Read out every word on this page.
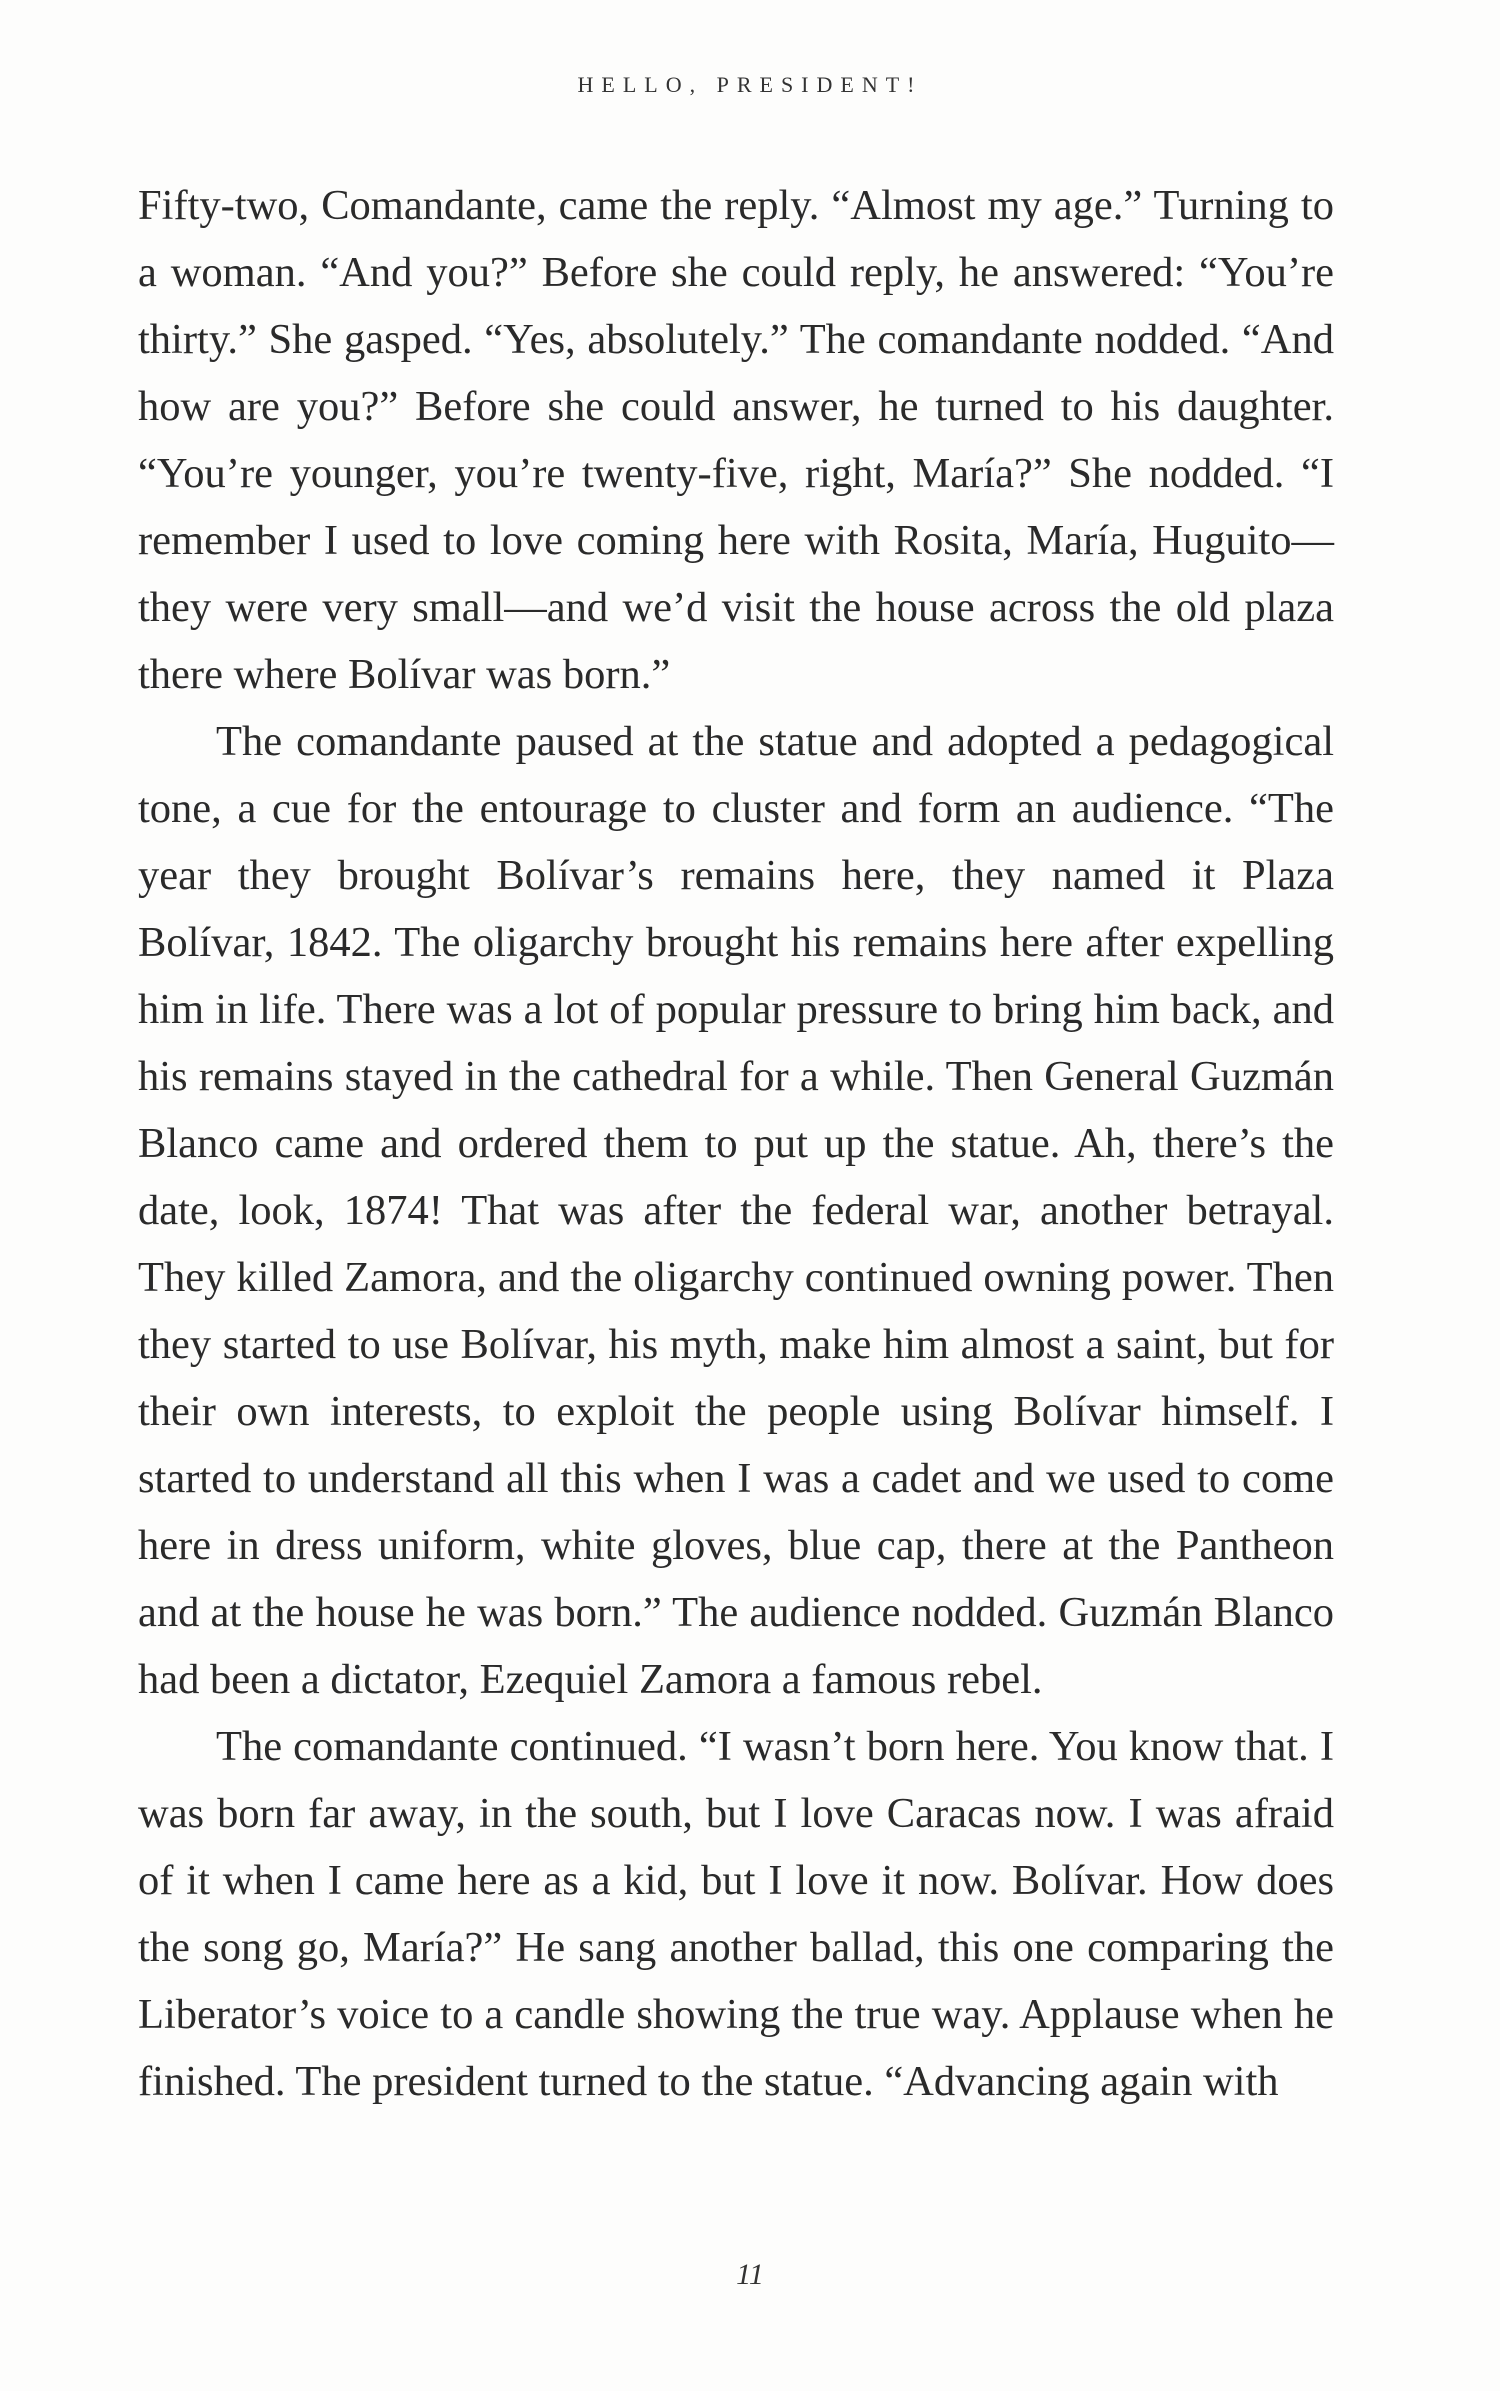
HELLO, PRESIDENT!

Fifty-two, Comandante, came the reply. “Almost my age.” Turning to a woman. “And you?” Before she could reply, he answered: “You’re thirty.” She gasped. “Yes, absolutely.” The comandante nodded. “And how are you?” Before she could answer, he turned to his daughter. “You’re younger, you’re twenty-five, right, María?” She nodded. “I remember I used to love coming here with Rosita, María, Huguito—they were very small—and we’d visit the house across the old plaza there where Bolívar was born.”

The comandante paused at the statue and adopted a pedagogical tone, a cue for the entourage to cluster and form an audience. “The year they brought Bolívar’s remains here, they named it Plaza Bolívar, 1842. The oligarchy brought his remains here after expelling him in life. There was a lot of popular pressure to bring him back, and his remains stayed in the cathedral for a while. Then General Guzmán Blanco came and ordered them to put up the statue. Ah, there’s the date, look, 1874! That was after the federal war, another betrayal. They killed Zamora, and the oligarchy continued owning power. Then they started to use Bolívar, his myth, make him almost a saint, but for their own interests, to exploit the people using Bolívar himself. I started to understand all this when I was a cadet and we used to come here in dress uniform, white gloves, blue cap, there at the Pantheon and at the house he was born.” The audience nodded. Guzmán Blanco had been a dictator, Ezequiel Zamora a famous rebel.

The comandante continued. “I wasn’t born here. You know that. I was born far away, in the south, but I love Caracas now. I was afraid of it when I came here as a kid, but I love it now. Bolívar. How does the song go, María?” He sang another ballad, this one comparing the Liberator’s voice to a candle showing the true way. Applause when he finished. The president turned to the statue. “Advancing again with

11
